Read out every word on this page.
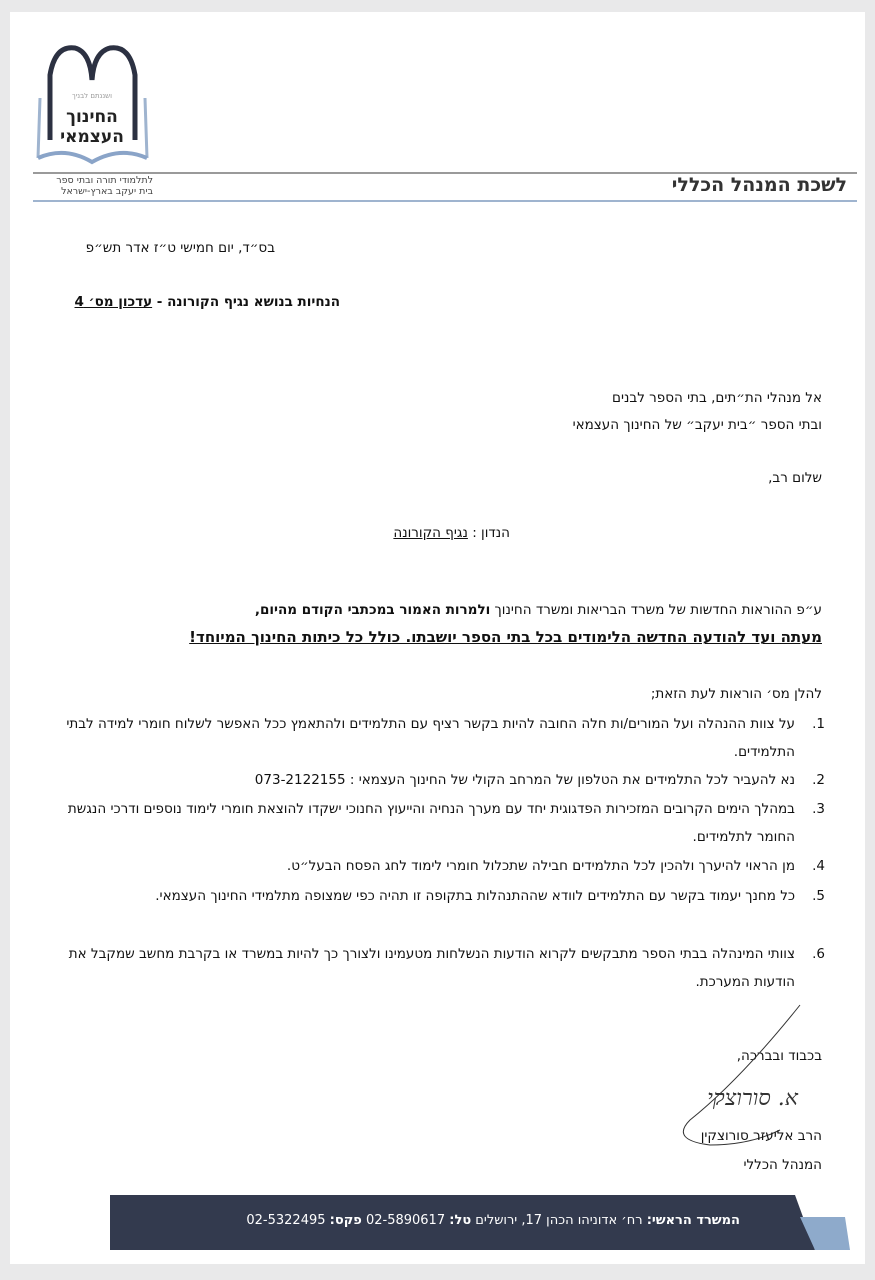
ושננתם לבניך
החינוך
העצמאי
לתלמודי תורה ובתי ספר
בית יעקב בארץ-ישראל	לשכת המנהל הכללי
בס״ד, יום חמישי ט״ז אדר תש״פ
הנחיות בנושא נגיף הקורונה - עדכון מס׳ 4
אל מנהלי הת״תים, בתי הספר לבנים
ובתי הספר ״בית יעקב״ של החינוך העצמאי
שלום רב,
הנדון : נגיף הקורונה
ע״פ ההוראות החדשות של משרד הבריאות ומשרד החינוך ולמרות האמור במכתבי הקודם מהיום,
מעתה ועד להודעה החדשה הלימודים בכל בתי הספר יושבתו. כולל כל כיתות החינוך המיוחד!
להלן מס׳ הוראות לעת הזאת;
1.
על צוות ההנהלה ועל המורים/ות חלה החובה להיות בקשר רציף עם התלמידים ולהתאמץ ככל האפשר לשלוח חומרי למידה לבתי התלמידים.
2.
נא להעביר לכל התלמידים את הטלפון של המרחב הקולי של החינוך העצמאי : 073-2122155
3.
במהלך הימים הקרובים המזכירות הפדגוגית יחד עם מערך הנחיה והייעוץ החנוכי ישקדו להוצאת חומרי לימוד נוספים ודרכי הנגשת החומר לתלמידים.
4.
מן הראוי להיערך ולהכין לכל התלמידים חבילה שתכלול חומרי לימוד לחג הפסח הבעל״ט.
5.
כל מחנך יעמוד בקשר עם התלמידים לוודא שההתנהלות בתקופה זו תהיה כפי שמצופה מתלמידי החינוך העצמאי.
6.
צוותי המינהלה בבתי הספר מתבקשים לקרוא הודעות הנשלחות מטעמינו ולצורך כך להיות במשרד או בקרבת מחשב שמקבל את הודעות המערכת.
בכבוד ובברכה,
א. סורוצקי
הרב אליעזר סורוצקין
המנהל הכללי
המשרד הראשי: רח׳ אדוניהו הכהן 17, ירושלים טל: 02-5890617 פקס: 02-5322495
